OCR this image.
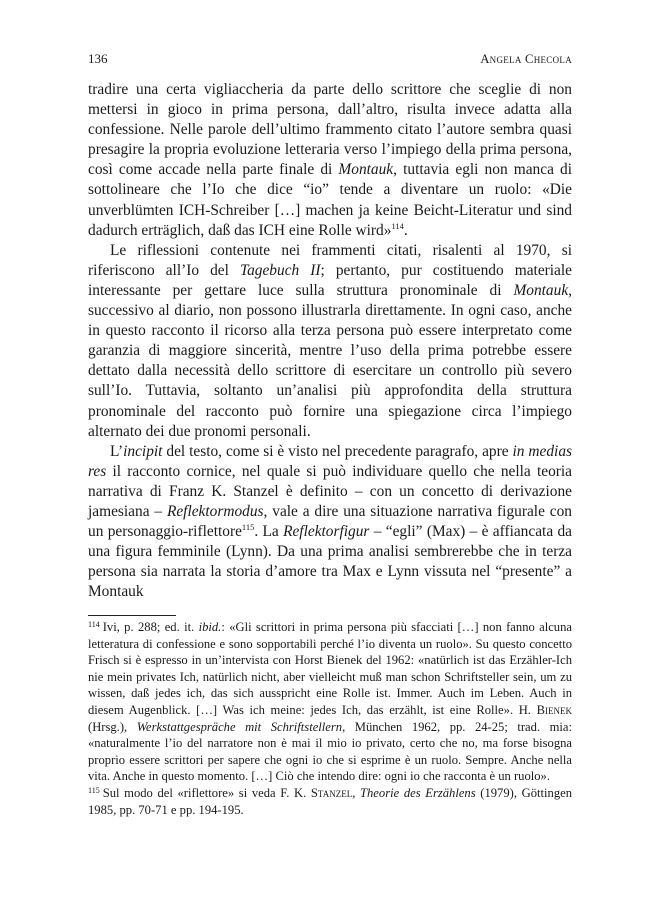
136	Angela Checola

tradire una certa vigliaccheria da parte dello scrittore che sceglie di non mettersi in gioco in prima persona, dall’altro, risulta invece adatta alla confessione. Nelle parole dell’ultimo frammento citato l’autore sembra quasi presagire la propria evoluzione letteraria verso l’impiego della prima persona, così come accade nella parte finale di Montauk, tuttavia egli non manca di sottolineare che l’Io che dice “io” tende a diventare un ruolo: «Die unverblümten ICH-Schreiber […] machen ja keine Beicht-Literatur und sind dadurch erträglich, daß das ICH eine Rolle wird»$^{114}$.

Le riflessioni contenute nei frammenti citati, risalenti al 1970, si riferiscono all’Io del Tagebuch II; pertanto, pur costituendo materiale interessante per gettare luce sulla struttura pronominale di Montauk, successivo al diario, non possono illustrarla direttamente. In ogni caso, anche in questo racconto il ricorso alla terza persona può essere interpretato come garanzia di maggiore sincerità, mentre l’uso della prima potrebbe essere dettato dalla necessità dello scrittore di esercitare un controllo più severo sull’Io. Tuttavia, soltanto un’analisi più approfondita della struttura pronominale del racconto può fornire una spiegazione circa l’impiego alternato dei due pronomi personali.

L’incipit del testo, come si è visto nel precedente paragrafo, apre in medias res il racconto cornice, nel quale si può individuare quello che nella teoria narrativa di Franz K. Stanzel è definito – con un concetto di derivazione jamesiana – Reflektormodus, vale a dire una situazione narrativa figurale con un personaggio-riflettore$^{115}$. La Reflektorfigur – “egli” (Max) – è affiancata da una figura femminile (Lynn). Da una prima analisi sembrerebbe che in terza persona sia narrata la storia d’amore tra Max e Lynn vissuta nel “presente” a Montauk

$^{114}$ Ivi, p. 288; ed. it. ibid.: «Gli scrittori in prima persona più sfacciati […] non fanno alcuna letteratura di confessione e sono sopportabili perché l’io diventa un ruolo». Su questo concetto Frisch si è espresso in un’intervista con Horst Bienek del 1962: «natürlich ist das Erzähler-Ich nie mein privates Ich, natürlich nicht, aber vielleicht muß man schon Schriftsteller sein, um zu wissen, daß jedes ich, das sich ausspricht eine Rolle ist. Immer. Auch im Leben. Auch in diesem Augenblick. […] Was ich meine: jedes Ich, das erzählt, ist eine Rolle». H. Bienek (Hrsg.), Werkstattgespräche mit Schriftstellern, München 1962, pp. 24-25; trad. mia: «naturalmente l’io del narratore non è mai il mio io privato, certo che no, ma forse bisogna proprio essere scrittori per sapere che ogni io che si esprime è un ruolo. Sempre. Anche nella vita. Anche in questo momento. […] Ciò che intendo dire: ogni io che racconta è un ruolo».

$^{115}$ Sul modo del «riflettore» si veda F. K. Stanzel, Theorie des Erzählens (1979), Göttingen 1985, pp. 70-71 e pp. 194-195.
